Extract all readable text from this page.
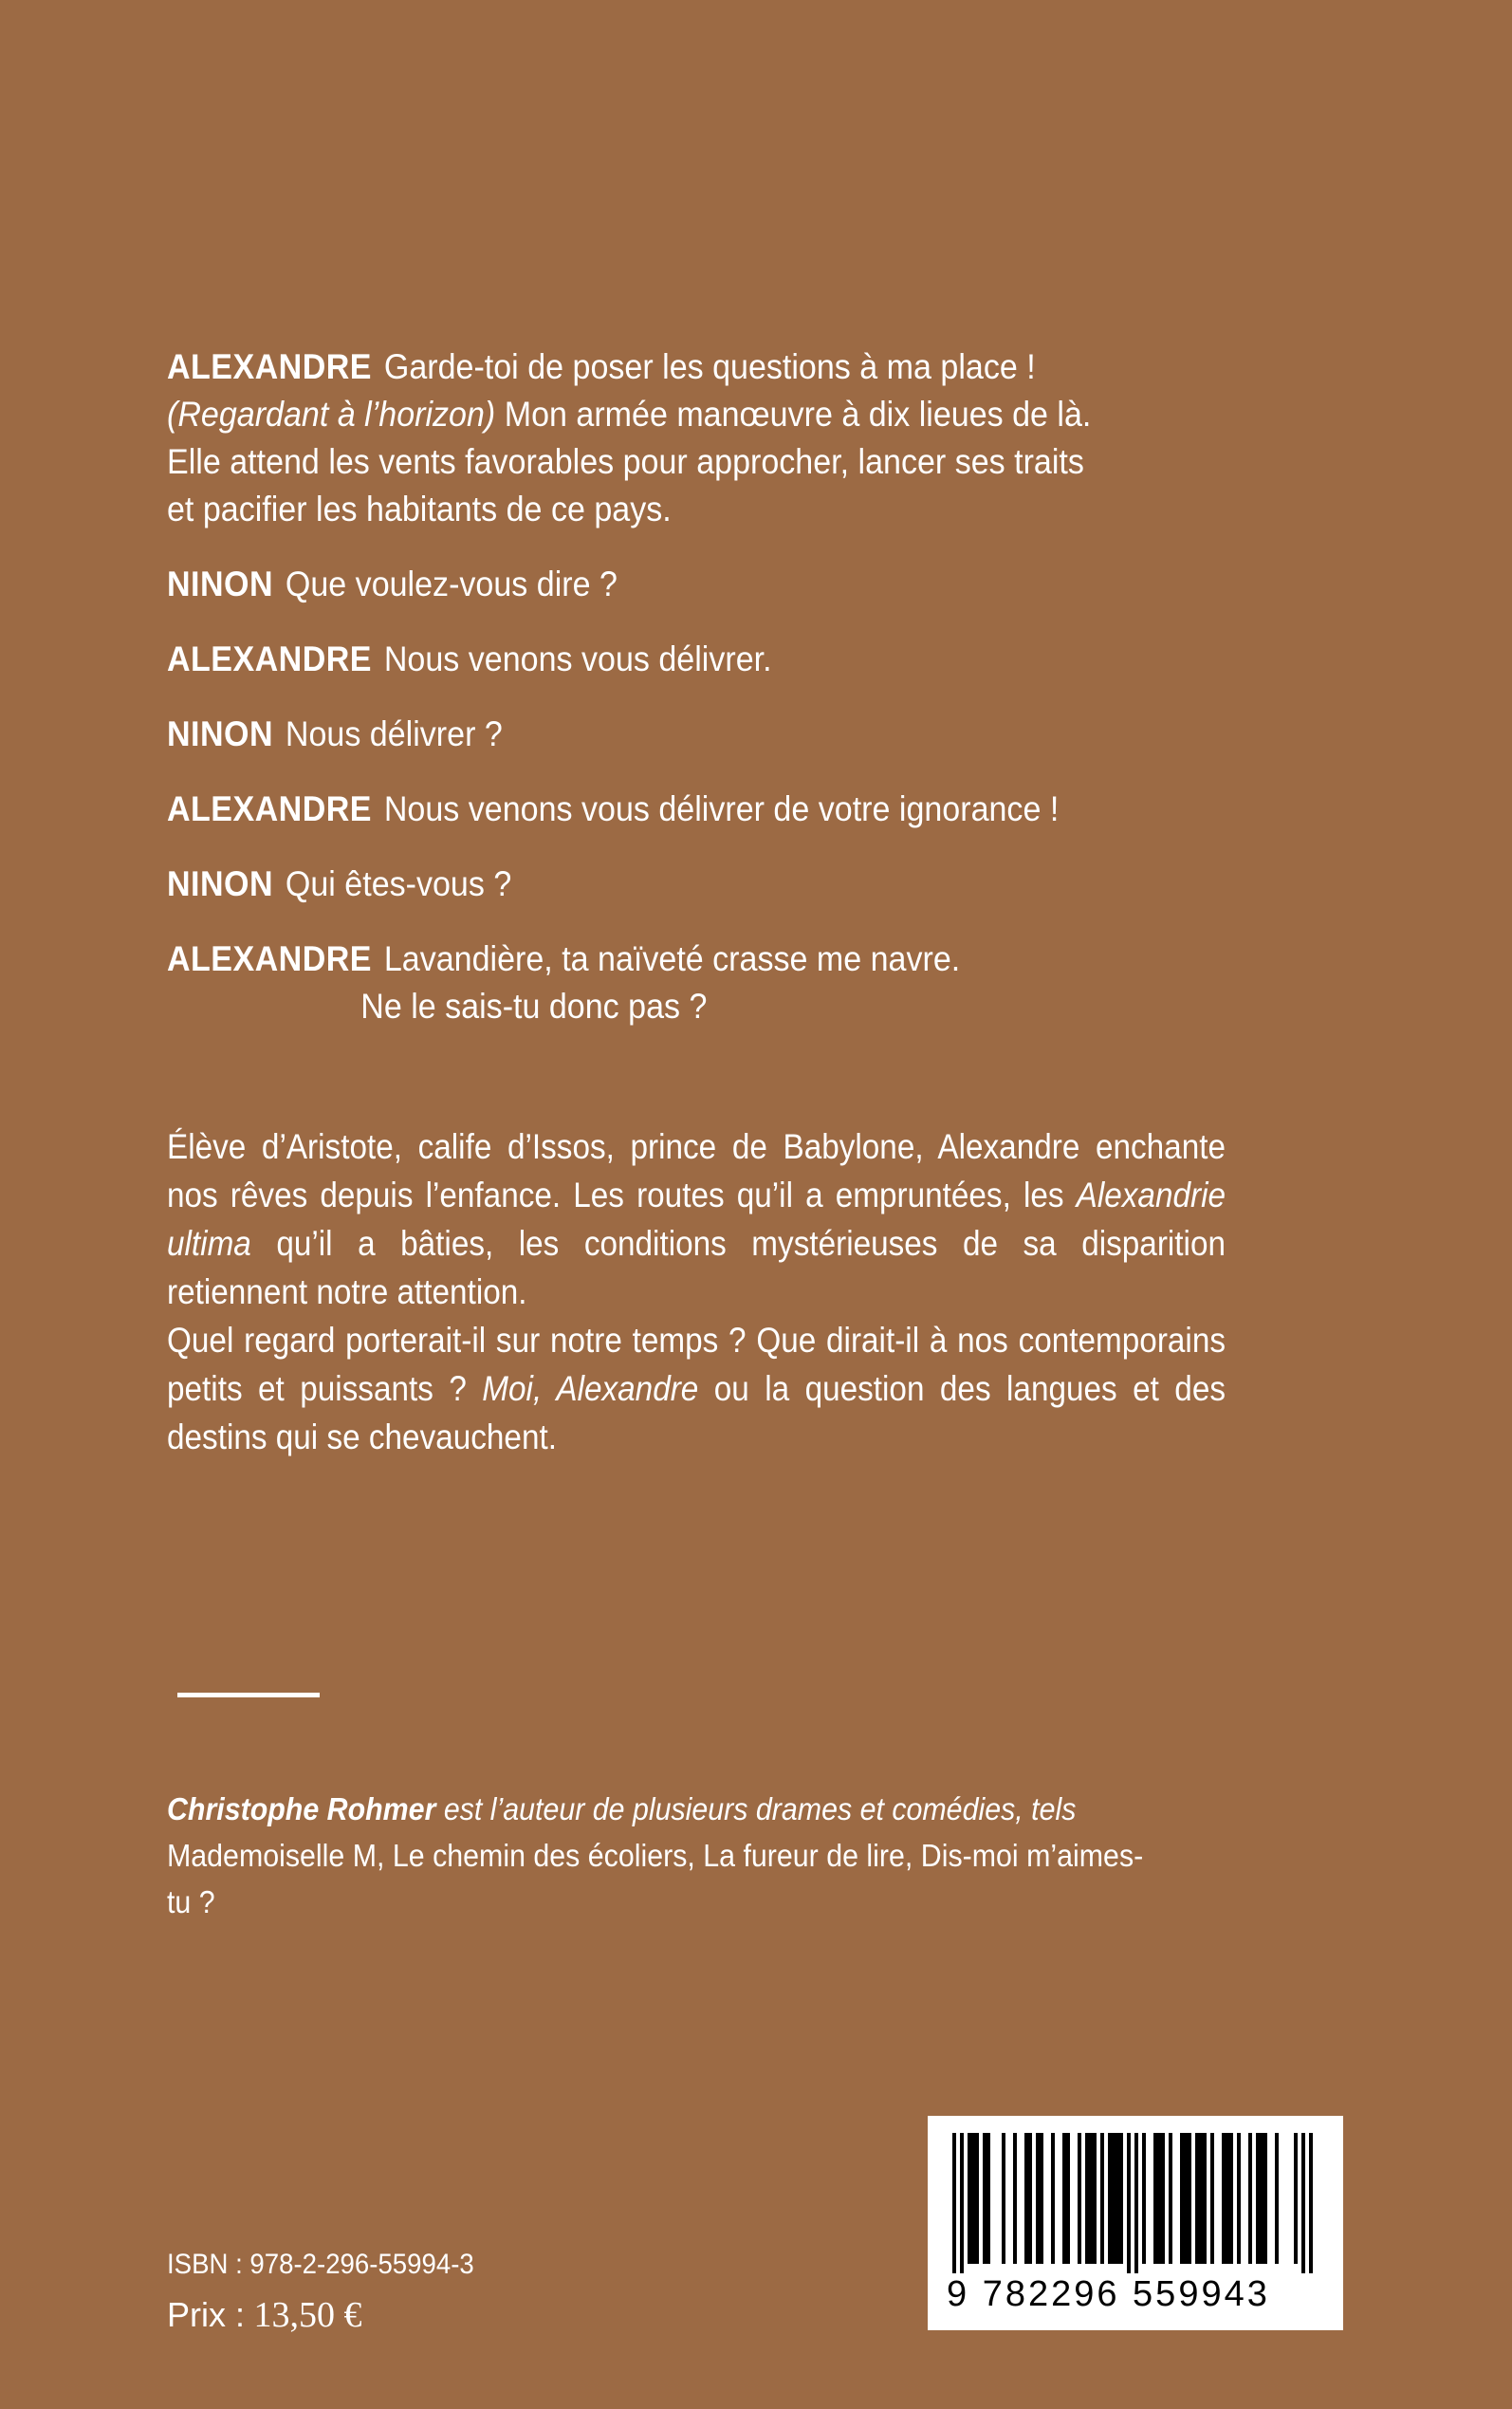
ALEXANDRE Garde-toi de poser les questions à ma place !
(Regardant à l’horizon) Mon armée manœuvre à dix lieues de là.
Elle attend les vents favorables pour approcher, lancer ses traits
et pacifier les habitants de ce pays.
NINON Que voulez-vous dire ?
ALEXANDRE Nous venons vous délivrer.
NINON Nous délivrer ?
ALEXANDRE Nous venons vous délivrer de votre ignorance !
NINON Qui êtes-vous ?
ALEXANDRE Lavandière, ta naïveté crasse me navre.
Ne le sais-tu donc pas ?

Élève d’Aristote, calife d’Issos, prince de Babylone, Alexandre enchante nos rêves depuis l’enfance. Les routes qu’il a empruntées, les Alexandrie ultima qu’il a bâties, les conditions mystérieuses de sa disparition retiennent notre attention.

Quel regard porterait-il sur notre temps ? Que dirait-il à nos contemporains petits et puissants ? Moi, Alexandre ou la question des langues et des destins qui se chevauchent.

Christophe Rohmer est l’auteur de plusieurs drames et comédies, tels
Mademoiselle M, Le chemin des écoliers, La fureur de lire, Dis-moi m’aimes-tu ?
ISBN : 978-2-296-55994-3
Prix : 13,50 €
9 782296 559943
